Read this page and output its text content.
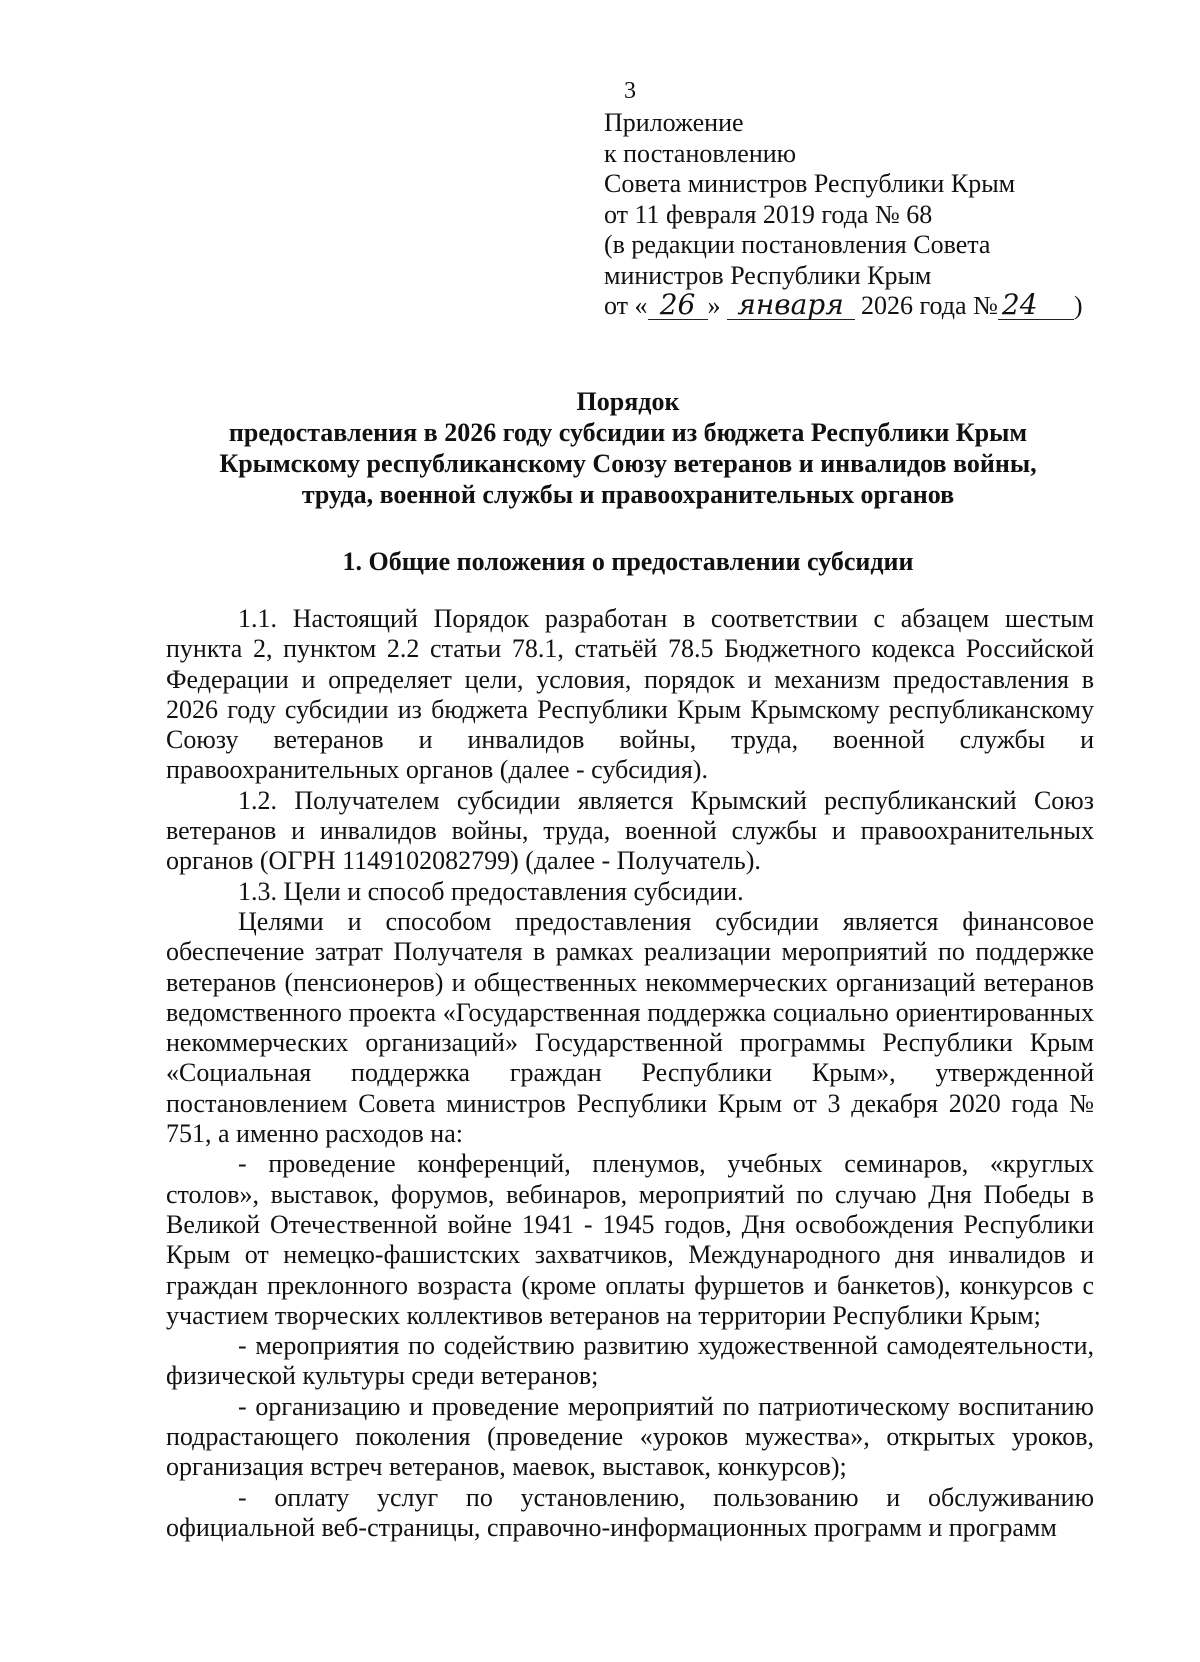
3
Приложение
к постановлению
Совета министров Республики Крым
от 11 февраля 2019 года № 68
(в редакции постановления Совета
министров Республики Крым
от « 26 » января 2026 года № 24 )
Порядок
предоставления в 2026 году субсидии из бюджета Республики Крым
Крымскому республиканскому Союзу ветеранов и инвалидов войны,
труда, военной службы и правоохранительных органов
1. Общие положения о предоставлении субсидии

1.1. Настоящий Порядок разработан в соответствии с абзацем шестым пункта 2, пунктом 2.2 статьи 78.1, статьёй 78.5 Бюджетного кодекса Российской Федерации и определяет цели, условия, порядок и механизм предоставления в 2026 году субсидии из бюджета Республики Крым Крымскому республиканскому Союзу ветеранов и инвалидов войны, труда, военной службы и правоохранительных органов (далее - субсидия).

1.2. Получателем субсидии является Крымский республиканский Союз ветеранов и инвалидов войны, труда, военной службы и правоохранительных органов (ОГРН 1149102082799) (далее - Получатель).

1.3. Цели и способ предоставления субсидии.

Целями и способом предоставления субсидии является финансовое обеспечение затрат Получателя в рамках реализации мероприятий по поддержке ветеранов (пенсионеров) и общественных некоммерческих организаций ветеранов ведомственного проекта «Государственная поддержка социально ориентированных некоммерческих организаций» Государственной программы Республики Крым «Социальная поддержка граждан Республики Крым», утвержденной постановлением Совета министров Республики Крым от 3 декабря 2020 года № 751, а именно расходов на:

- проведение конференций, пленумов, учебных семинаров, «круглых столов», выставок, форумов, вебинаров, мероприятий по случаю Дня Победы в Великой Отечественной войне 1941 - 1945 годов, Дня освобождения Республики Крым от немецко-фашистских захватчиков, Международного дня инвалидов и граждан преклонного возраста (кроме оплаты фуршетов и банкетов), конкурсов с участием творческих коллективов ветеранов на территории Республики Крым;

- мероприятия по содействию развитию художественной самодеятельности, физической культуры среди ветеранов;

- организацию и проведение мероприятий по патриотическому воспитанию подрастающего поколения (проведение «уроков мужества», открытых уроков, организация встреч ветеранов, маевок, выставок, конкурсов);

- оплату услуг по установлению, пользованию и обслуживанию официальной веб-страницы, справочно-информационных программ и программ
